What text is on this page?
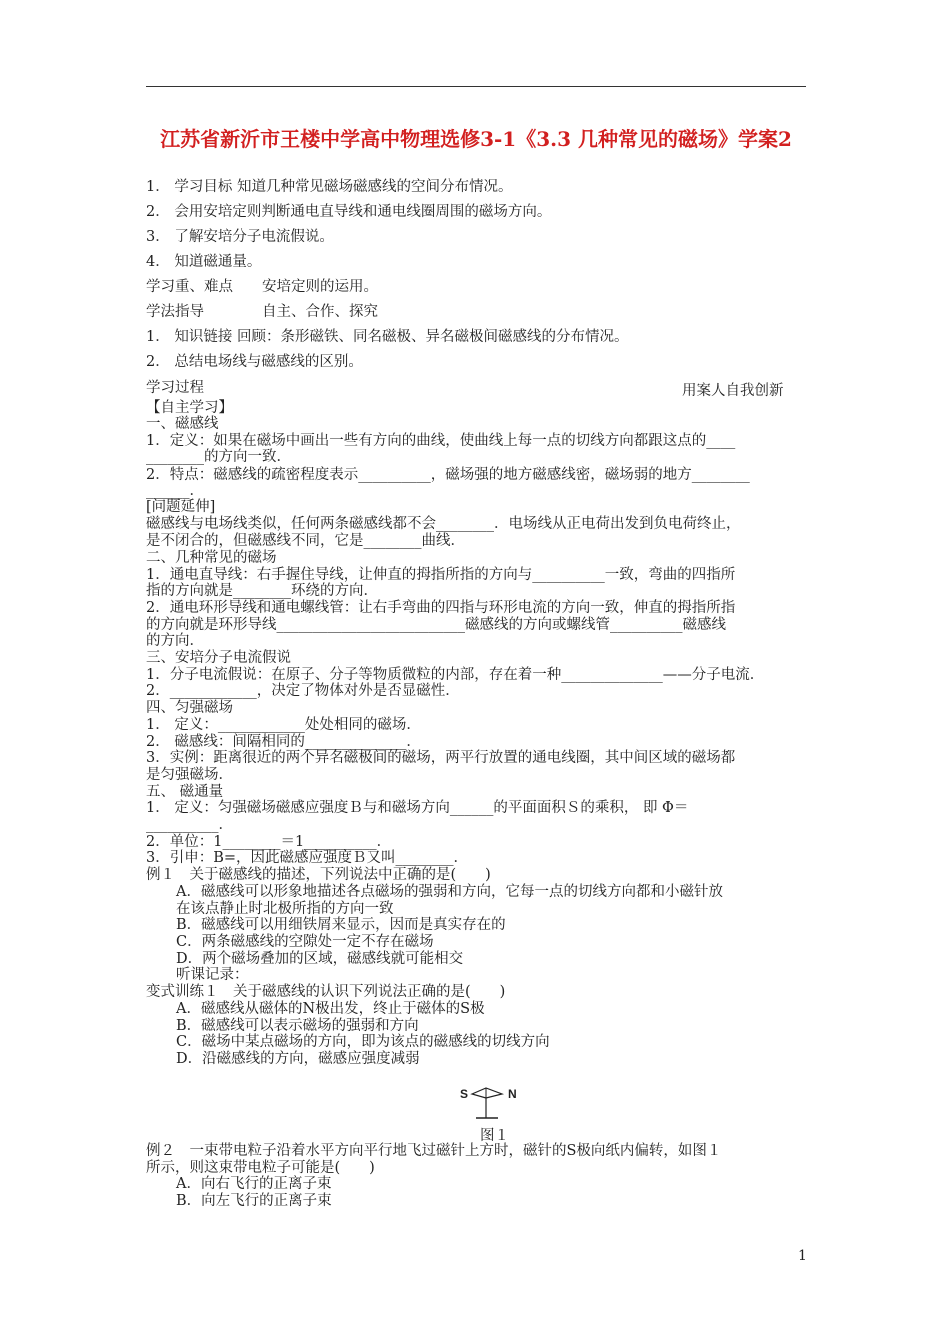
江苏省新沂市王楼中学高中物理选修3-1《3.3 几种常见的磁场》学案2
1． 学习目标 知道几种常见磁场磁感线的空间分布情况。
2． 会用安培定则判断通电直导线和通电线圈周围的磁场方向。
3． 了解安培分子电流假说。
4． 知道磁通量。
学习重、难点　　安培定则的运用。
学法指导　　　　自主、合作、探究
1． 知识链接 回顾：条形磁铁、同名磁极、异名磁极间磁感线的分布情况。
2． 总结电场线与磁感线的区别。
学习过程	用案人自我创新
【自主学习】
一、磁感线
1．定义：如果在磁场中画出一些有方向的曲线，使曲线上每一点的切线方向都跟这点的____
________的方向一致．
2．特点：磁感线的疏密程度表示__________，磁场强的地方磁感线密，磁场弱的地方________
______．
[问题延伸]
磁感线与电场线类似，任何两条磁感线都不会________．电场线从正电荷出发到负电荷终止，
是不闭合的，但磁感线不同，它是________曲线．
二、几种常见的磁场
1．通电直导线：右手握住导线，让伸直的拇指所指的方向与__________一致，弯曲的四指所
指的方向就是________环绕的方向．
2．通电环形导线和通电螺线管：让右手弯曲的四指与环形电流的方向一致，伸直的拇指所指
的方向就是环形导线__________________________磁感线的方向或螺线管__________磁感线
的方向．
三、安培分子电流假说
1．分子电流假说：在原子、分子等物质微粒的内部，存在着一种______________——分子电流．
2．____________，决定了物体对外是否显磁性．
四、匀强磁场
1． 定义：____________处处相同的磁场．
2． 磁感线：间隔相同的______________．
3．实例：距离很近的两个异名磁极间的磁场，两平行放置的通电线圈，其中间区域的磁场都
是匀强磁场．
五、 磁通量
1． 定义：匀强磁场磁感应强度Ｂ与和磁场方向______的平面面积Ｓ的乘积， 即 Φ＝
__________．
2．单位：1________＝1__________．
3．引申：B=，因此磁感应强度Ｂ又叫________．
例１　关于磁感线的描述，下列说法中正确的是(　　)
A．磁感线可以形象地描述各点磁场的强弱和方向，它每一点的切线方向都和小磁针放
在该点静止时北极所指的方向一致
B．磁感线可以用细铁屑来显示，因而是真实存在的
C．两条磁感线的空隙处一定不存在磁场
D．两个磁场叠加的区域，磁感线就可能相交
听课记录：
变式训练１　关于磁感线的认识下列说法正确的是(　　)
A．磁感线从磁体的N极出发，终止于磁体的S极
B．磁感线可以表示磁场的强弱和方向
C．磁场中某点磁场的方向，即为该点的磁感线的切线方向
D．沿磁感线的方向，磁感应强度减弱
S	N
图１
例２　一束带电粒子沿着水平方向平行地飞过磁针上方时，磁针的S极向纸内偏转，如图１
所示，则这束带电粒子可能是(　　)
A．向右飞行的正离子束
B．向左飞行的正离子束
1
